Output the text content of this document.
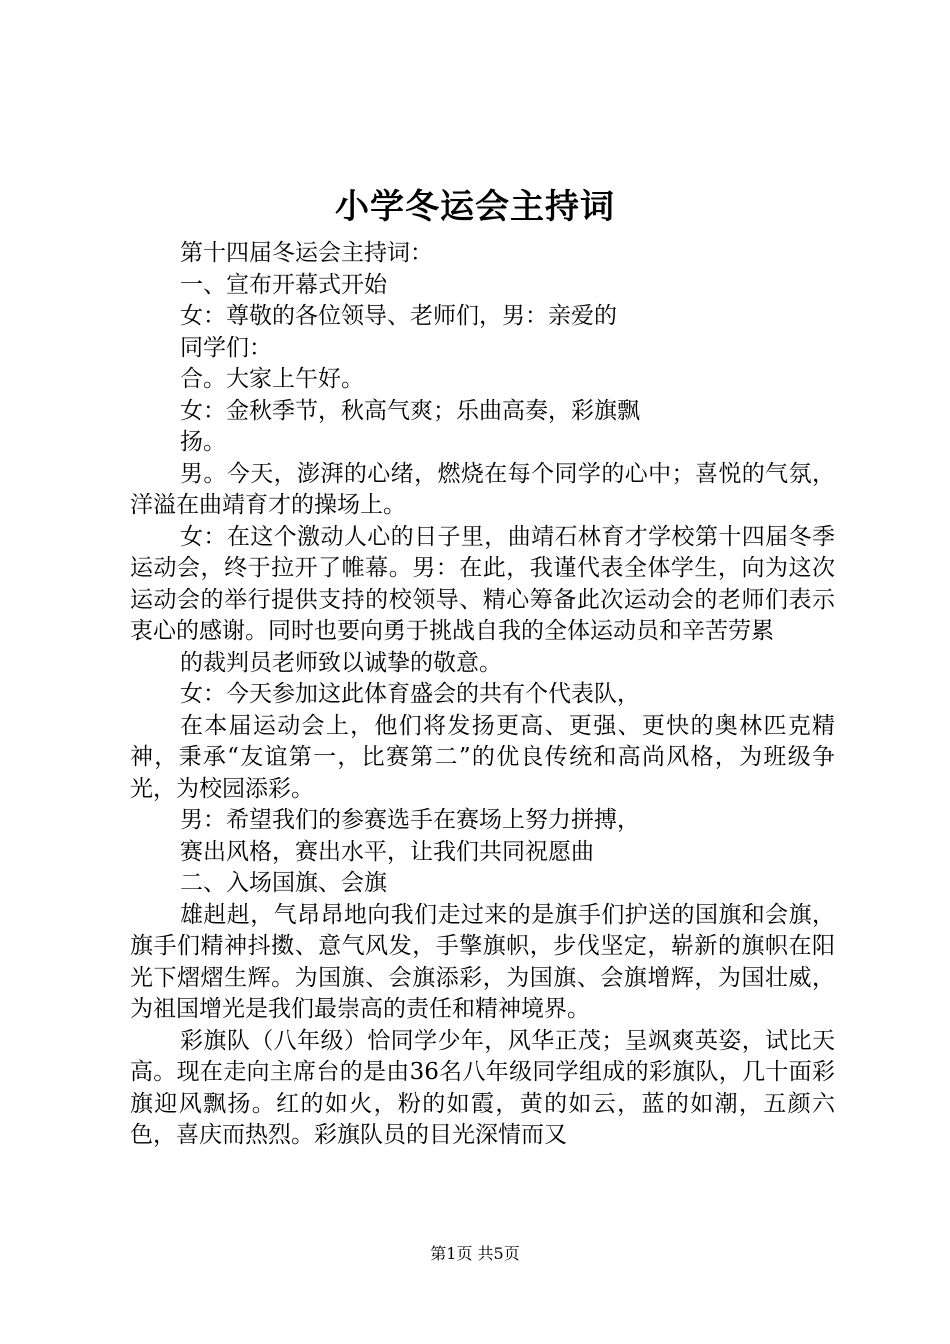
小学冬运会主持词

第十四届冬运会主持词：

一、宣布开幕式开始

女：尊敬的各位领导、老师们，男：亲爱的

同学们：

合。大家上午好。

女：金秋季节，秋高气爽；乐曲高奏，彩旗飘

扬。

男。今天，澎湃的心绪，燃烧在每个同学的心中；喜悦的气氛，洋溢在曲靖育才的操场上。

女：在这个激动人心的日子里，曲靖石林育才学校第十四届冬季运动会，终于拉开了帷幕。男：在此，我谨代表全体学生，向为这次运动会的举行提供支持的校领导、精心筹备此次运动会的老师们表示衷心的感谢。同时也要向勇于挑战自我的全体运动员和辛苦劳累

的裁判员老师致以诚挚的敬意。

女：今天参加这此体育盛会的共有个代表队，

在本届运动会上，他们将发扬更高、更强、更快的奥林匹克精神，秉承“友谊第一，比赛第二”的优良传统和高尚风格，为班级争光，为校园添彩。

男：希望我们的参赛选手在赛场上努力拼搏，

赛出风格，赛出水平，让我们共同祝愿曲

二、入场国旗、会旗

雄赳赳，气昂昂地向我们走过来的是旗手们护送的国旗和会旗，旗手们精神抖擞、意气风发，手擎旗帜，步伐坚定，崭新的旗帜在阳光下熠熠生辉。为国旗、会旗添彩，为国旗、会旗增辉，为国壮威，为祖国增光是我们最崇高的责任和精神境界。

彩旗队（八年级）恰同学少年，风华正茂；呈飒爽英姿，试比天高。现在走向主席台的是由36名八年级同学组成的彩旗队，几十面彩旗迎风飘扬。红的如火，粉的如霞，黄的如云，蓝的如潮，五颜六色，喜庆而热烈。彩旗队员的目光深情而又

第1页 共5页
